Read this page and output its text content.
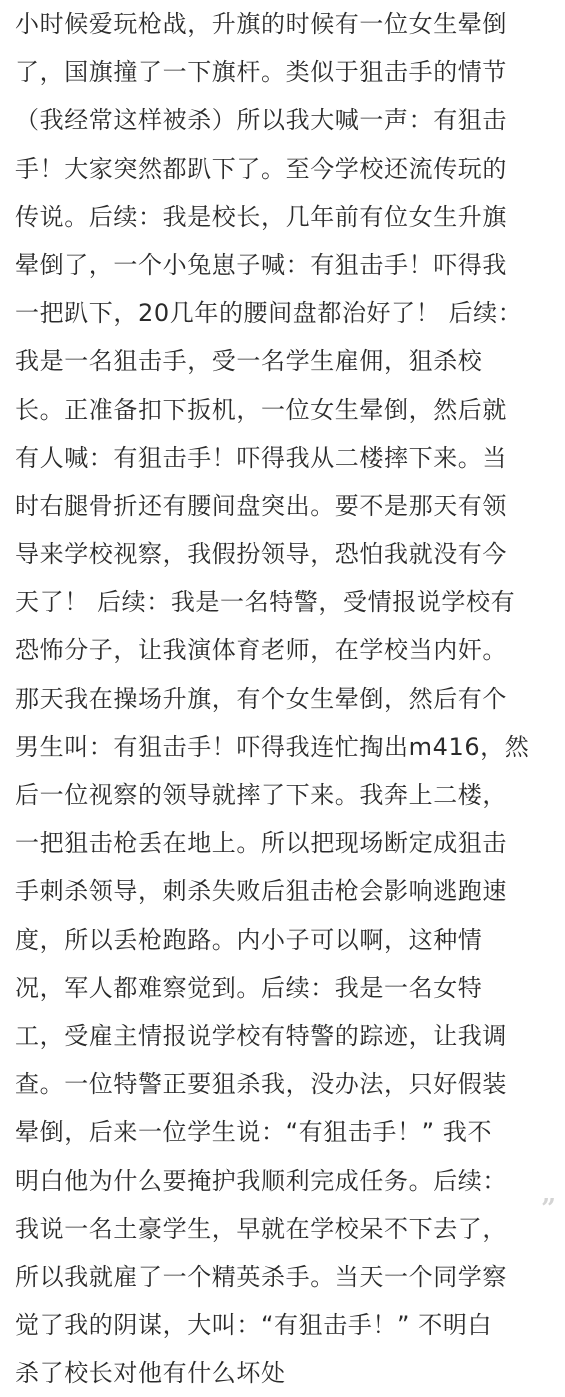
小时候爱玩枪战，升旗的时候有一位女生晕倒
了，国旗撞了一下旗杆。类似于狙击手的情节
（我经常这样被杀）所以我大喊一声：有狙击
手！大家突然都趴下了。至今学校还流传玩的
传说。后续：我是校长，几年前有位女生升旗
晕倒了，一个小兔崽子喊：有狙击手！吓得我
一把趴下，20几年的腰间盘都治好了！ 后续：
我是一名狙击手，受一名学生雇佣，狙杀校
长。正准备扣下扳机，一位女生晕倒，然后就
有人喊：有狙击手！吓得我从二楼摔下来。当
时右腿骨折还有腰间盘突出。要不是那天有领
导来学校视察，我假扮领导，恐怕我就没有今
天了！ 后续：我是一名特警，受情报说学校有
恐怖分子，让我演体育老师，在学校当内奸。
那天我在操场升旗，有个女生晕倒，然后有个
男生叫：有狙击手！吓得我连忙掏出m416，然
后一位视察的领导就摔了下来。我奔上二楼，
一把狙击枪丢在地上。所以把现场断定成狙击
手刺杀领导，刺杀失败后狙击枪会影响逃跑速
度，所以丢枪跑路。内小子可以啊，这种情
况，军人都难察觉到。后续：我是一名女特
工，受雇主情报说学校有特警的踪迹，让我调
查。一位特警正要狙杀我，没办法，只好假装
晕倒，后来一位学生说：“有狙击手！” 我不
明白他为什么要掩护我顺利完成任务。后续：
我说一名土豪学生，早就在学校呆不下去了，
所以我就雇了一个精英杀手。当天一个同学察
觉了我的阴谋，大叫：“有狙击手！” 不明白
杀了校长对他有什么坏处
”
